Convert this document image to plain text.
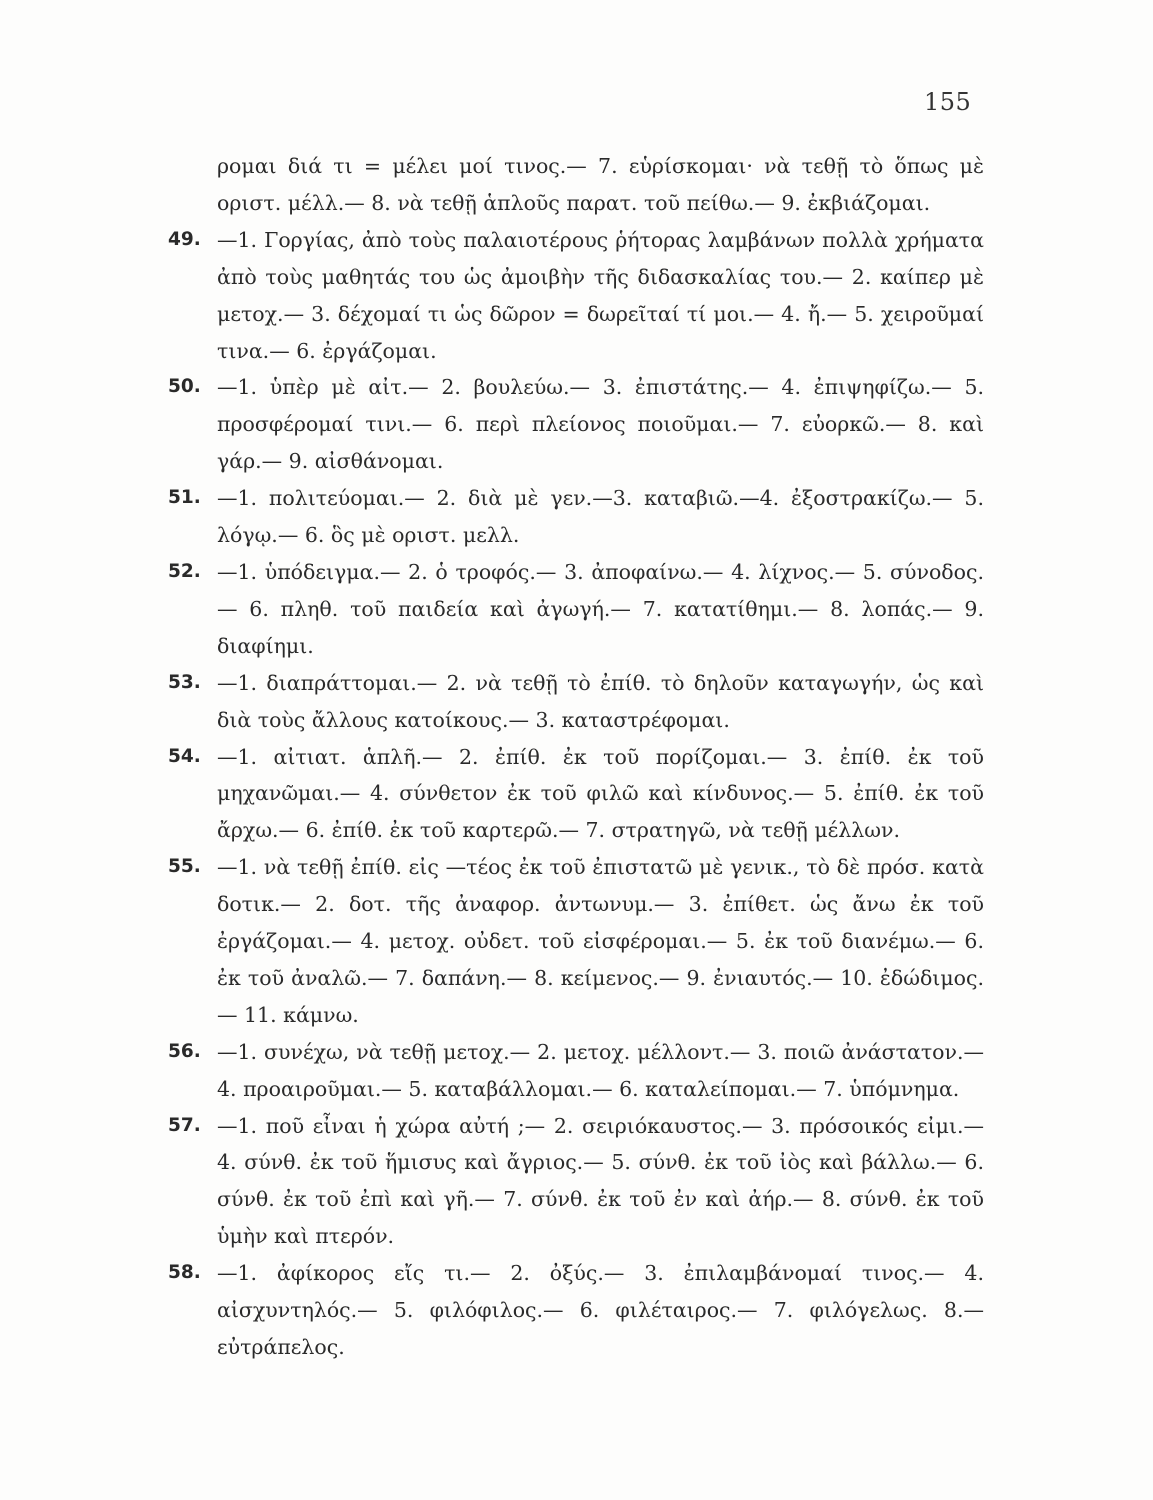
155
ρομαι διά τι = μέλει μοί τινος.— 7. εὑρίσκομαι· νὰ τεθῇ τὸ ὅπως μὲ οριστ. μέλλ.— 8. νὰ τεθῇ ἁπλοῦς παρατ. τοῦ πείθω.— 9. ἐκβιάζομαι.
49. —1. Γοργίας, ἀπὸ τοὺς παλαιοτέρους ῥήτορας λαμβάνων πολλὰ χρήματα ἀπὸ τοὺς μαθητάς του ὡς ἀμοιβὴν τῆς διδασκαλίας του.— 2. καίπερ μὲ μετοχ.— 3. δέχομαί τι ὡς δῶρον = δωρεῖταί τί μοι.— 4. ἤ.— 5. χειροῦμαί τινα.— 6. ἐργάζομαι.
50. —1. ὑπὲρ μὲ αἰτ.— 2. βουλεύω.— 3. ἐπιστάτης.— 4. ἐπιψηφίζω.— 5. προσφέρομαί τινι.— 6. περὶ πλείονος ποιοῦμαι.— 7. εὐορκῶ.— 8. καὶ γάρ.— 9. αἰσθάνομαι.
51. —1. πολιτεύομαι.— 2. διὰ μὲ γεν.—3. καταβιῶ.—4. ἐξοστρακίζω.— 5. λόγῳ.— 6. ὃς μὲ οριστ. μελλ.
52. —1. ὑπόδειγμα.— 2. ὁ τροφός.— 3. ἀποφαίνω.— 4. λίχνος.— 5. σύνοδος.— 6. πληθ. τοῦ παιδεία καὶ ἀγωγή.— 7. κατατίθημι.— 8. λοπάς.— 9. διαφίημι.
53. —1. διαπράττομαι.— 2. νὰ τεθῇ τὸ ἐπίθ. τὸ δηλοῦν καταγωγήν, ὡς καὶ διὰ τοὺς ἄλλους κατοίκους.— 3. καταστρέφομαι.
54. —1. αἰτιατ. ἁπλῆ.— 2. ἐπίθ. ἐκ τοῦ πορίζομαι.— 3. ἐπίθ. ἐκ τοῦ μηχανῶμαι.— 4. σύνθετον ἐκ τοῦ φιλῶ καὶ κίνδυνος.— 5. ἐπίθ. ἐκ τοῦ ἄρχω.— 6. ἐπίθ. ἐκ τοῦ καρτερῶ.— 7. στρατηγῶ, νὰ τεθῇ μέλλων.
55. —1. νὰ τεθῇ ἐπίθ. εἰς —τέος ἐκ τοῦ ἐπιστατῶ μὲ γενικ., τὸ δὲ πρόσ. κατὰ δοτικ.— 2. δοτ. τῆς ἀναφορ. ἀντωνυμ.— 3. ἐπίθετ. ὡς ἄνω ἐκ τοῦ ἐργάζομαι.— 4. μετοχ. οὐδετ. τοῦ εἰσφέρομαι.— 5. ἐκ τοῦ διανέμω.— 6. ἐκ τοῦ ἀναλῶ.— 7. δαπάνη.— 8. κείμενος.— 9. ἐνιαυτός.— 10. ἐδώδιμος.— 11. κάμνω.
56. —1. συνέχω, νὰ τεθῇ μετοχ.— 2. μετοχ. μέλλοντ.— 3. ποιῶ ἀνάστατον.— 4. προαιροῦμαι.— 5. καταβάλλομαι.— 6. καταλείπομαι.— 7. ὑπόμνημα.
57. —1. ποῦ εἶναι ἡ χώρα αὐτή ;— 2. σειριόκαυστος.— 3. πρόσοικός εἰμι.— 4. σύνθ. ἐκ τοῦ ἥμισυς καὶ ἄγριος.— 5. σύνθ. ἐκ τοῦ ἰὸς καὶ βάλλω.— 6. σύνθ. ἐκ τοῦ ἐπὶ καὶ γῆ.— 7. σύνθ. ἐκ τοῦ ἐν καὶ ἀήρ.— 8. σύνθ. ἐκ τοῦ ὑμὴν καὶ πτερόν.
58. —1. ἀφίκορος εἴς τι.— 2. ὀξύς.— 3. ἐπιλαμβάνομαί τινος.— 4. αἰσχυντηλός.— 5. φιλόφιλος.— 6. φιλέταιρος.— 7. φιλόγελως. 8.— εὐτράπελος.
